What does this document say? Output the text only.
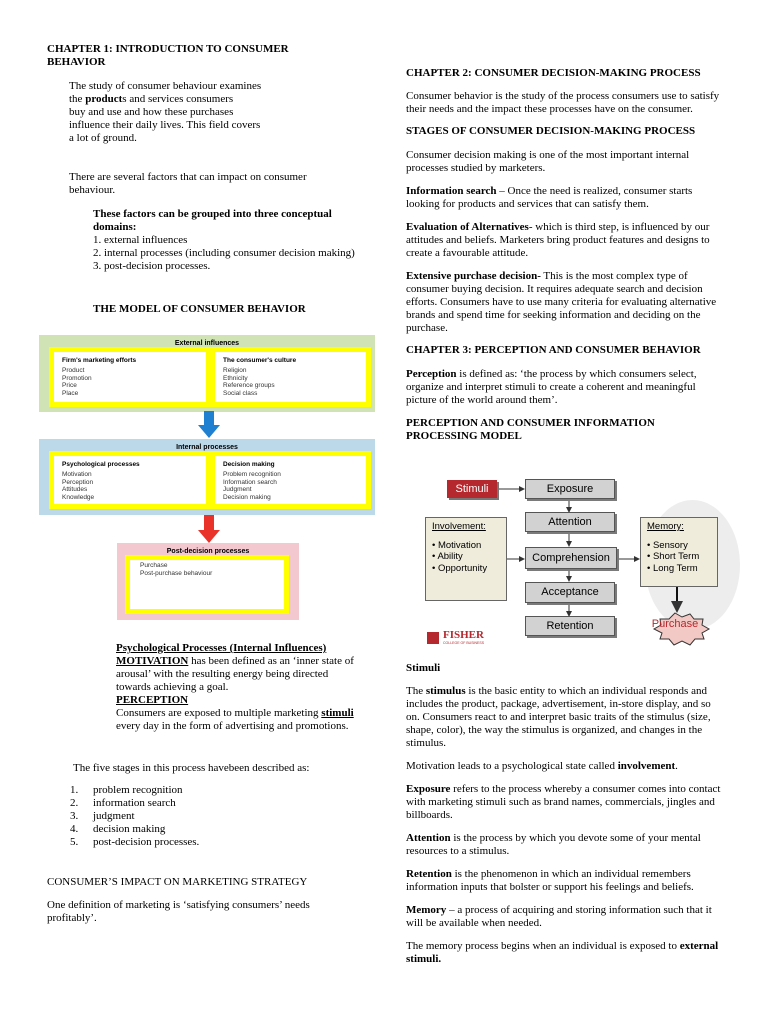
CHAPTER 1: INTRODUCTION TO CONSUMER BEHAVIOR
The study of consumer behaviour examines
the products and services consumers
buy and use and how these purchases
influence their daily lives. This field covers
a lot of ground.
There are several factors that can impact on consumer behaviour.
These factors can be grouped into three conceptual domains:
1. external influences
2. internal processes (including consumer decision making)
3. post-decision processes.
THE MODEL OF CONSUMER BEHAVIOR
External influences
Firm's marketing efforts
Product
Promotion
Price
Place
The consumer's culture
Religion
Ethnicity
Reference groups
Social class
Internal processes
Psychological processes
Motivation
Perception
Attitudes
Knowledge
Decision making
Problem recognition
Information search
Judgment
Decision making
Post-decision processes
Purchase
Post-purchase behaviour
Psychological Processes (Internal Influences)

MOTIVATION has been defined as an ‘inner state of arousal’ with the resulting energy being directed towards achieving a goal.

PERCEPTION

Consumers are exposed to multiple marketing stimuli every day in the form of advertising and promotions.

The five stages in this process havebeen described as:
1. problem recognition
2. information search
3. judgment
4. decision making
5. post-decision processes.
CONSUMER’S IMPACT ON MARKETING STRATEGY
One definition of marketing is ‘satisfying consumers’ needs profitably’.
CHAPTER 2: CONSUMER DECISION-MAKING PROCESS

Consumer behavior is the study of the process consumers use to satisfy their needs and the impact these processes have on the consumer.

STAGES OF CONSUMER DECISION-MAKING PROCESS

Consumer decision making is one of the most important internal processes studied by marketers.

Information search – Once the need is realized, consumer starts looking for products and services that can satisfy them.

Evaluation of Alternatives- which is third step, is influenced by our attitudes and beliefs. Marketers bring product features and designs to create a favourable attitude.

Extensive purchase decision- This is the most complex type of consumer buying decision. It requires adequate search and decision efforts. Consumers have to use many criteria for evaluating alternative brands and spend time for seeking information and deciding on the purchase.

CHAPTER 3: PERCEPTION AND CONSUMER BEHAVIOR

Perception is defined as: ‘the process by which consumers select, organize and interpret stimuli to create a coherent and meaningful picture of the world around them’.

PERCEPTION AND CONSUMER INFORMATION PROCESSING MODEL
Stimuli	Exposure
Attention
Comprehension
Acceptance
Retention
Involvement:
• Motivation
• Ability
• Opportunity
Memory:
• Sensory
• Short Term
• Long Term
Purchase
FISHER
COLLEGE OF BUSINESS
Stimuli

The stimulus is the basic entity to which an individual responds and includes the product, package, advertisement, in-store display, and so on. Consumers react to and interpret basic traits of the stimulus (size, shape, color), the way the stimulus is organized, and changes in the stimulus.

Motivation leads to a psychological state called involvement.

Exposure refers to the process whereby a consumer comes into contact with marketing stimuli such as brand names, commercials, jingles and billboards.

Attention is the process by which you devote some of your mental resources to a stimulus.

Retention is the phenomenon in which an individual remembers information inputs that bolster or support his feelings and beliefs.

Memory – a process of acquiring and storing information such that it will be available when needed.

The memory process begins when an individual is exposed to external stimuli.
